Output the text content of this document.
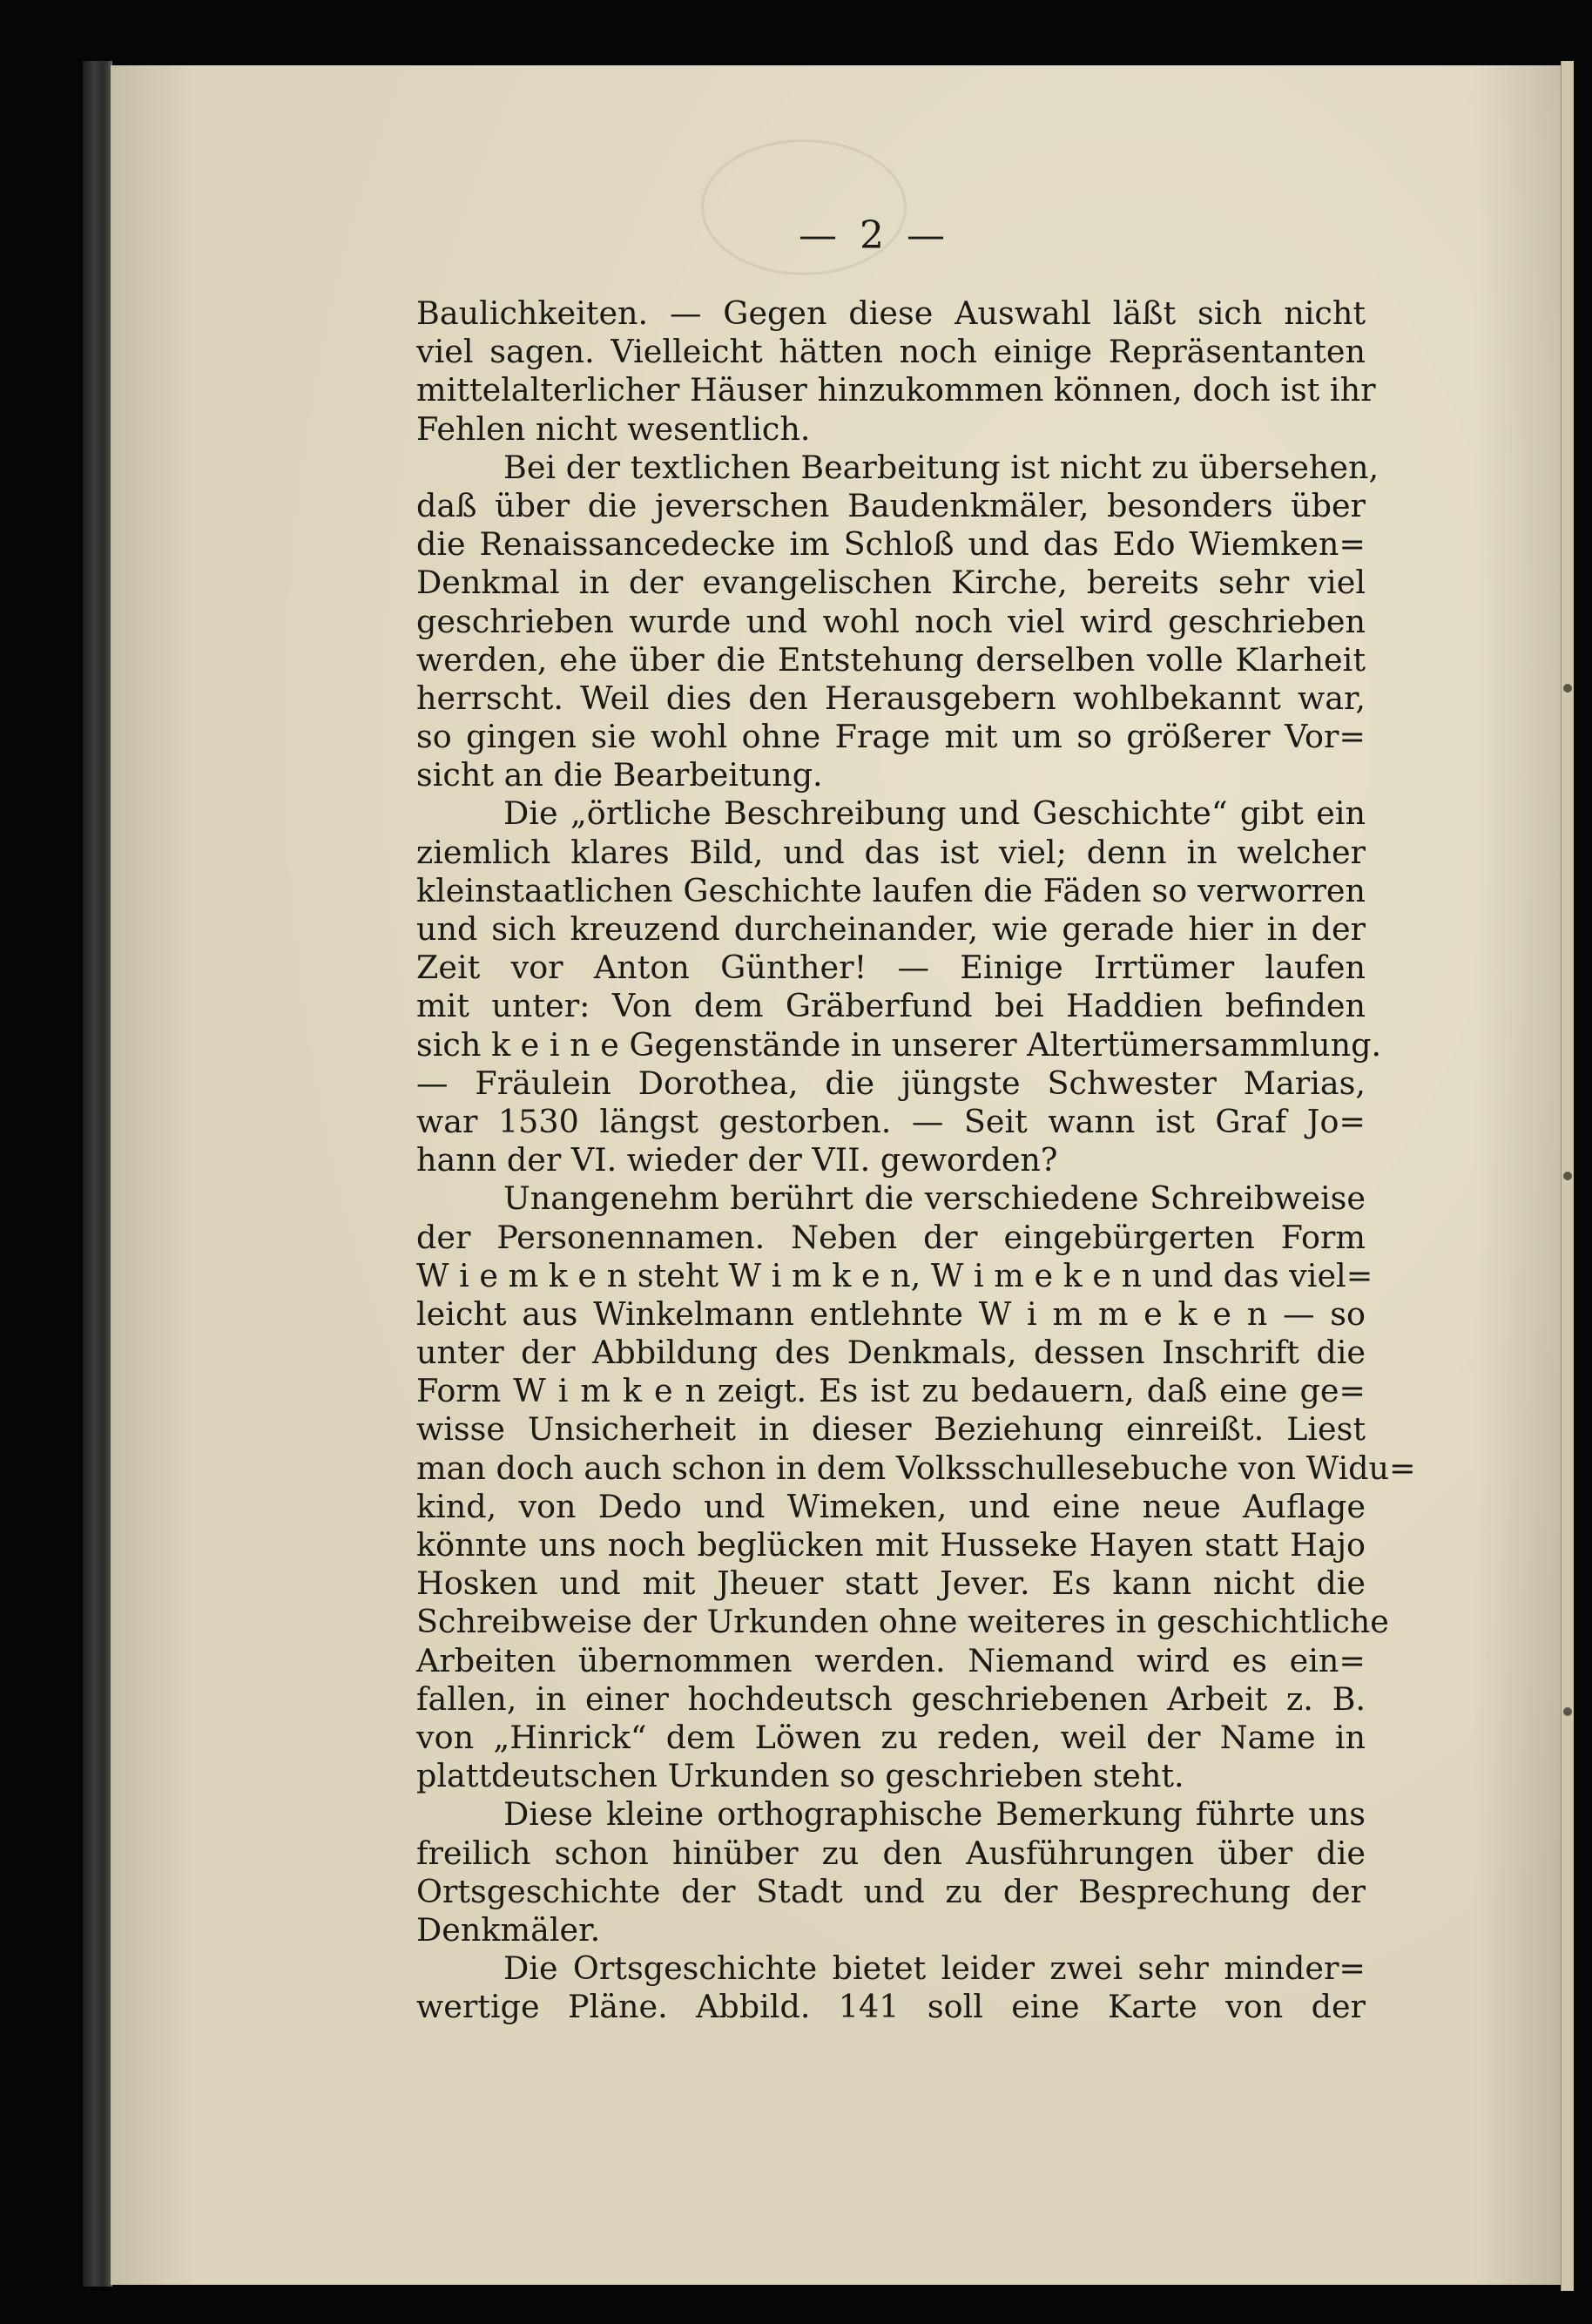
— 2 —
Baulichkeiten. — Gegen diese Auswahl läßt sich nicht
viel sagen. Vielleicht hätten noch einige Repräsentanten
mittelalterlicher Häuser hinzukommen können, doch ist ihr
Fehlen nicht wesentlich.
Bei der textlichen Bearbeitung ist nicht zu übersehen,
daß über die jeverschen Baudenkmäler, besonders über
die Renaissancedecke im Schloß und das Edo Wiemken=
Denkmal in der evangelischen Kirche, bereits sehr viel
geschrieben wurde und wohl noch viel wird geschrieben
werden, ehe über die Entstehung derselben volle Klarheit
herrscht. Weil dies den Herausgebern wohlbekannt war,
so gingen sie wohl ohne Frage mit um so größerer Vor=
sicht an die Bearbeitung.
Die „örtliche Beschreibung und Geschichte“ gibt ein
ziemlich klares Bild, und das ist viel; denn in welcher
kleinstaatlichen Geschichte laufen die Fäden so verworren
und sich kreuzend durcheinander, wie gerade hier in der
Zeit vor Anton Günther! — Einige Irrtümer laufen
mit unter: Von dem Gräberfund bei Haddien befinden
sich k e i n e Gegenstände in unserer Altertümersammlung.
— Fräulein Dorothea, die jüngste Schwester Marias,
war 1530 längst gestorben. — Seit wann ist Graf Jo=
hann der VI. wieder der VII. geworden?
Unangenehm berührt die verschiedene Schreibweise
der Personennamen. Neben der eingebürgerten Form
W i e m k e n steht W i m k e n, W i m e k e n und das viel=
leicht aus Winkelmann entlehnte W i m m e k e n — so
unter der Abbildung des Denkmals, dessen Inschrift die
Form W i m k e n zeigt. Es ist zu bedauern, daß eine ge=
wisse Unsicherheit in dieser Beziehung einreißt. Liest
man doch auch schon in dem Volksschullesebuche von Widu=
kind, von Dedo und Wimeken, und eine neue Auflage
könnte uns noch beglücken mit Husseke Hayen statt Hajo
Hosken und mit Jheuer statt Jever. Es kann nicht die
Schreibweise der Urkunden ohne weiteres in geschichtliche
Arbeiten übernommen werden. Niemand wird es ein=
fallen, in einer hochdeutsch geschriebenen Arbeit z. B.
von „Hinrick“ dem Löwen zu reden, weil der Name in
plattdeutschen Urkunden so geschrieben steht.
Diese kleine orthographische Bemerkung führte uns
freilich schon hinüber zu den Ausführungen über die
Ortsgeschichte der Stadt und zu der Besprechung der
Denkmäler.
Die Ortsgeschichte bietet leider zwei sehr minder=
wertige Pläne. Abbild. 141 soll eine Karte von der
